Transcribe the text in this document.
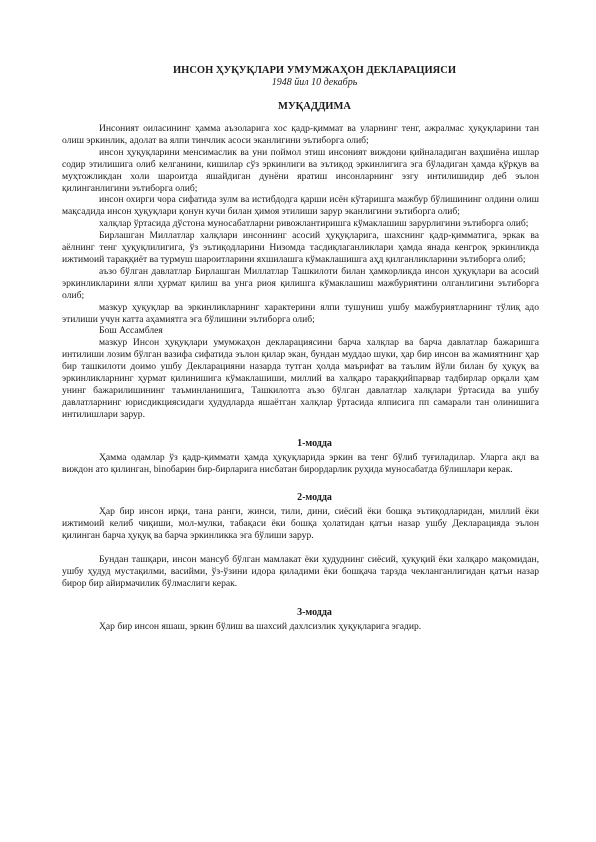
ИНСОН ҲУҚУҚЛАРИ УМУМЖАҲОН ДЕКЛАРАЦИЯСИ
1948 йил 10 декабрь
МУҚАДДИМА

Инсоният оиласининг ҳамма аъзоларига хос қадр-қиммат ва уларнинг тенг, ажралмас ҳуқуқларини тан олиш эркинлик, адолат ва ялпи тинчлик асоси эканлигини эътиборга олиб;

инсон ҳуқуқларини менсимаслик ва уни поймол этиш инсоният виждони қийналадиган ваҳшиёна ишлар содир этилишига олиб келганини, кишилар сўз эркинлиги ва эътиқод эркинлигига эга бўладиган ҳамда қўрқув ва муҳтожликдан холи шароитда яшайдиган дунёни яратиш инсонларнинг эзгу интилишидир деб эълон қилинганлигини эътиборга олиб;

инсон охирги чора сифатида зулм ва истибдодга қарши исён кўтаришга мажбур бўлишининг олдини олиш мақсадида инсон ҳуқуқлари қонун кучи билан ҳимоя этилиши зарур эканлигини эътиборга олиб;

халқлар ўртасида дўстона муносабатларни ривожлантиришга кўмаклашиш зарурлигини эътиборга олиб;

Бирлашган Миллатлар халқлари инсоннинг асосий ҳуқуқларига, шахснинг қадр-қимматига, эркак ва аёлнинг тенг ҳуқуқлилигига, ўз эътиқодларини Низомда тасдиқлаганликлари ҳамда янада кенгроқ эркинликда ижтимоий тараққиёт ва турмуш шароитларини яхшилашга кўмаклашишга аҳд қилганликларини эътиборга олиб;

аъзо бўлган давлатлар Бирлашган Миллатлар Ташкилоти билан ҳамкорликда инсон ҳуқуқлари ва асосий эркинликларини ялпи ҳурмат қилиш ва унга риоя қилишга кўмаклашиш мажбуриятини олганлигини эътиборга олиб;

мазкур ҳуқуқлар ва эркинликларнинг характерини ялпи тушуниш ушбу мажбуриятларнинг тўлиқ адо этилиши учун катта аҳамиятга эга бўлишини эътиборга олиб;

Бош Ассамблея

мазкур Инсон ҳуқуқлари умумжаҳон декларациясини барча халқлар ва барча давлатлар бажаришга интилиши лозим бўлган вазифа сифатида эълон қилар экан, бундан муддао шуки, ҳар бир инсон ва жамиятнинг ҳар бир ташкилоти доимо ушбу Декларацияни назарда тутган ҳолда маърифат ва таълим йўли билан бу ҳуқуқ ва эркинликларнинг ҳурмат қилинишига кўмаклашиши, миллий ва халқаро тараққийпарвар тадбирлар орқали ҳам унинг бажарилишининг таъминланишига, Ташкилотга аъзо бўлган давлатлар халқлари ўртасида ва ушбу давлатларнинг юрисдикциясидаги ҳудудларда яшаётган халқлар ўртасида ялписига пп самарали тан олинишига интилишлари зарур.

1-модда

Ҳамма одамлар ўз қадр-қиммати ҳамда ҳуқуқларида эркин ва тенг бўлиб туғиладилар. Уларга ақл ва виждон ато қилинган, binобарин бир-бирларига нисбатан бирордарлик руҳида муносабатда бўлишлари керак.

2-модда

Ҳар бир инсон ирқи, тана ранги, жинси, тили, дини, сиёсий ёки бошқа эътиқодларидан, миллий ёки ижтимоий келиб чиқиши, мол-мулки, табақаси ёки бошқа ҳолатидан қатъи назар ушбу Декларацияда эълон қилинган барча ҳуқуқ ва барча эркинликка эга бўлиши зарур.

Бундан ташқари, инсон мансуб бўлган мамлакат ёки ҳудуднинг сиёсий, ҳуқуқий ёки халқаро мақомидан, ушбу ҳудуд мустақилми, васийми, ўз-ўзини идора қиладими ёки бошқача тарзда чекланганлигидан қатъи назар бирор бир айирмачилик бўлмаслиги керак.

3-модда

Ҳар бир инсон яшаш, эркин бўлиш ва шахсий дахлсизлик ҳуқуқларига эгадир.
